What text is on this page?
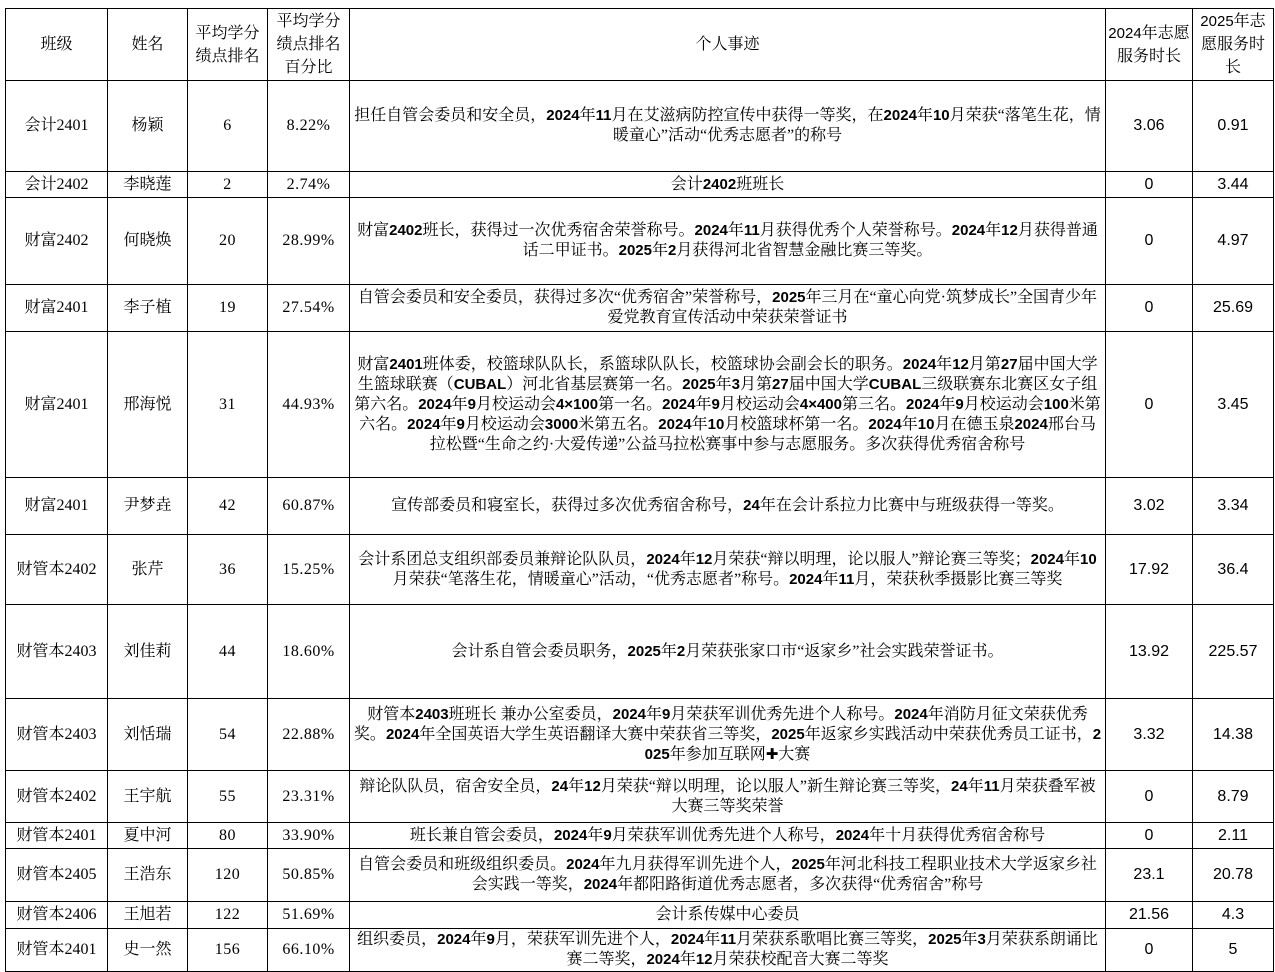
班级	姓名	平均学分绩点排名	平均学分绩点排名百分比	个人事迹	2024年志愿服务时长	2025年志愿服务时长
会计2401	杨颖	6	8.22%	担任自管会委员和安全员，2024年11月在艾滋病防控宣传中获得一等奖，在2024年10月荣获“落笔生花，情暖童心”活动“优秀志愿者”的称号	3.06	0.91
会计2402	李晓莲	2	2.74%	会计2402班班长	0	3.44
财富2402	何晓焕	20	28.99%	财富2402班长，获得过一次优秀宿舍荣誉称号。2024年11月获得优秀个人荣誉称号。2024年12月获得普通话二甲证书。2025年2月获得河北省智慧金融比赛三等奖。	0	4.97
财富2401	李子植	19	27.54%	自管会委员和安全委员，获得过多次“优秀宿舍”荣誉称号，2025年三月在“童心向党·筑梦成长”全国青少年爱党教育宣传活动中荣获荣誉证书	0	25.69
财富2401	邢海悦	31	44.93%	财富2401班体委，校篮球队队长，系篮球队队长，校篮球协会副会长的职务。2024年12月第27届中国大学生篮球联赛（CUBAL）河北省基层赛第一名。2025年3月第27届中国大学CUBAL三级联赛东北赛区女子组第六名。2024年9月校运动会4×100第一名。2024年9月校运动会4×400第三名。2024年9月校运动会100米第六名。2024年9月校运动会3000米第五名。2024年10月校篮球杯第一名。2024年10月在德玉泉2024邢台马拉松暨“生命之约·大爱传递”公益马拉松赛事中参与志愿服务。多次获得优秀宿舍称号	0	3.45
财富2401	尹梦垚	42	60.87%	宣传部委员和寝室长，获得过多次优秀宿舍称号，24年在会计系拉力比赛中与班级获得一等奖。	3.02	3.34
财管本2402	张芹	36	15.25%	会计系团总支组织部委员兼辩论队队员，2024年12月荣获“辩以明理，论以服人”辩论赛三等奖；2024年10月荣获“笔落生花，情暖童心”活动，“优秀志愿者”称号。2024年11月，荣获秋季摄影比赛三等奖	17.92	36.4
财管本2403	刘佳莉	44	18.60%	会计系自管会委员职务，2025年2月荣获张家口市“返家乡”社会实践荣誉证书。	13.92	225.57
财管本2403	刘恬瑞	54	22.88%	财管本2403班班长 兼办公室委员，2024年9月荣获军训优秀先进个人称号。2024年消防月征文荣获优秀奖。2024年全国英语大学生英语翻译大赛中荣获省三等奖，2025年返家乡实践活动中荣获优秀员工证书，2025年参加互联网✚大赛	3.32	14.38
财管本2402	王宇航	55	23.31%	辩论队队员，宿舍安全员，24年12月荣获“辩以明理，论以服人”新生辩论赛三等奖，24年11月荣获叠军被大赛三等奖荣誉	0	8.79
财管本2401	夏中河	80	33.90%	班长兼自管会委员，2024年9月荣获军训优秀先进个人称号，2024年十月获得优秀宿舍称号	0	2.11
财管本2405	王浩东	120	50.85%	自管会委员和班级组织委员。2024年九月获得军训先进个人，2025年河北科技工程职业技术大学返家乡社会实践一等奖，2024年都阳路街道优秀志愿者，多次获得“优秀宿舍”称号	23.1	20.78
财管本2406	王旭若	122	51.69%	会计系传媒中心委员	21.56	4.3
财管本2401	史一然	156	66.10%	组织委员，2024年9月，荣获军训先进个人，2024年11月荣获系歌唱比赛三等奖，2025年3月荣获系朗诵比赛二等奖，2024年12月荣获校配音大赛二等奖	0	5
